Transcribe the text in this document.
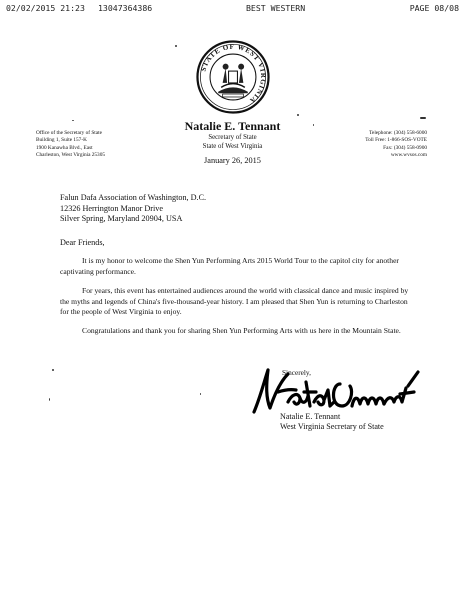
02/02/2015 21:23 13047364386	BEST WESTERN	PAGE 08/08
STATE OF WEST VIRGINIA
Office of the Secretary of State
Building 1, Suite 157-K
1900 Kanawha Blvd., East
Charleston, West Virginia 25305
Natalie E. Tennant
Secretary of State
State of West Virginia
Telephone: (304) 558-6000
Toll Free: 1-866-SOS-VOTE
Fax: (304) 558-0900
www.wvsos.com
January 26, 2015
Falun Dafa Association of Washington, D.C.
12326 Herrington Manor Drive
Silver Spring, Maryland 20904, USA
Dear Friends,
It is my honor to welcome the Shen Yun Performing Arts 2015 World Tour to the capitol city for another captivating performance.
For years, this event has entertained audiences around the world with classical dance and music inspired by the myths and legends of China's five-thousand-year history. I am pleased that Shen Yun is returning to Charleston for the people of West Virginia to enjoy.
Congratulations and thank you for sharing Shen Yun Performing Arts with us here in the Mountain State.
Sincerely,
Natalie E. Tennant
West Virginia Secretary of State
